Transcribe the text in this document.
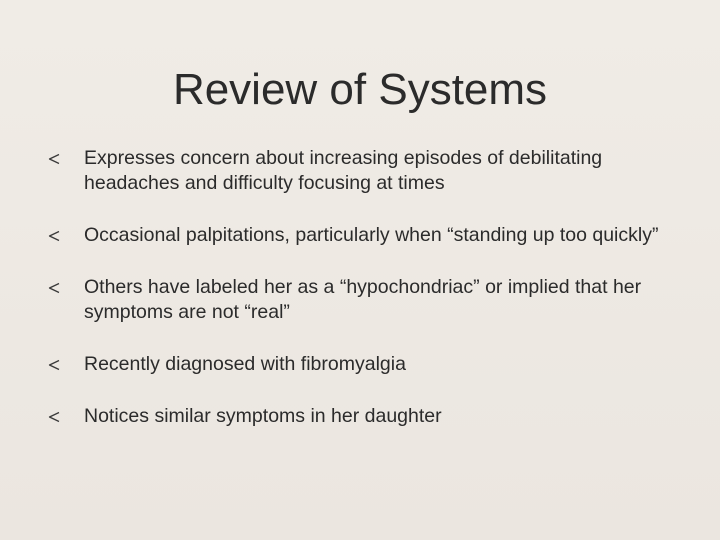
Review of Systems
Expresses concern about increasing episodes of debilitating headaches and difficulty focusing at times
Occasional palpitations, particularly when “standing up too quickly”
Others have labeled her as a “hypochondriac” or implied that her symptoms are not “real”
Recently diagnosed with fibromyalgia
Notices similar symptoms in her daughter
